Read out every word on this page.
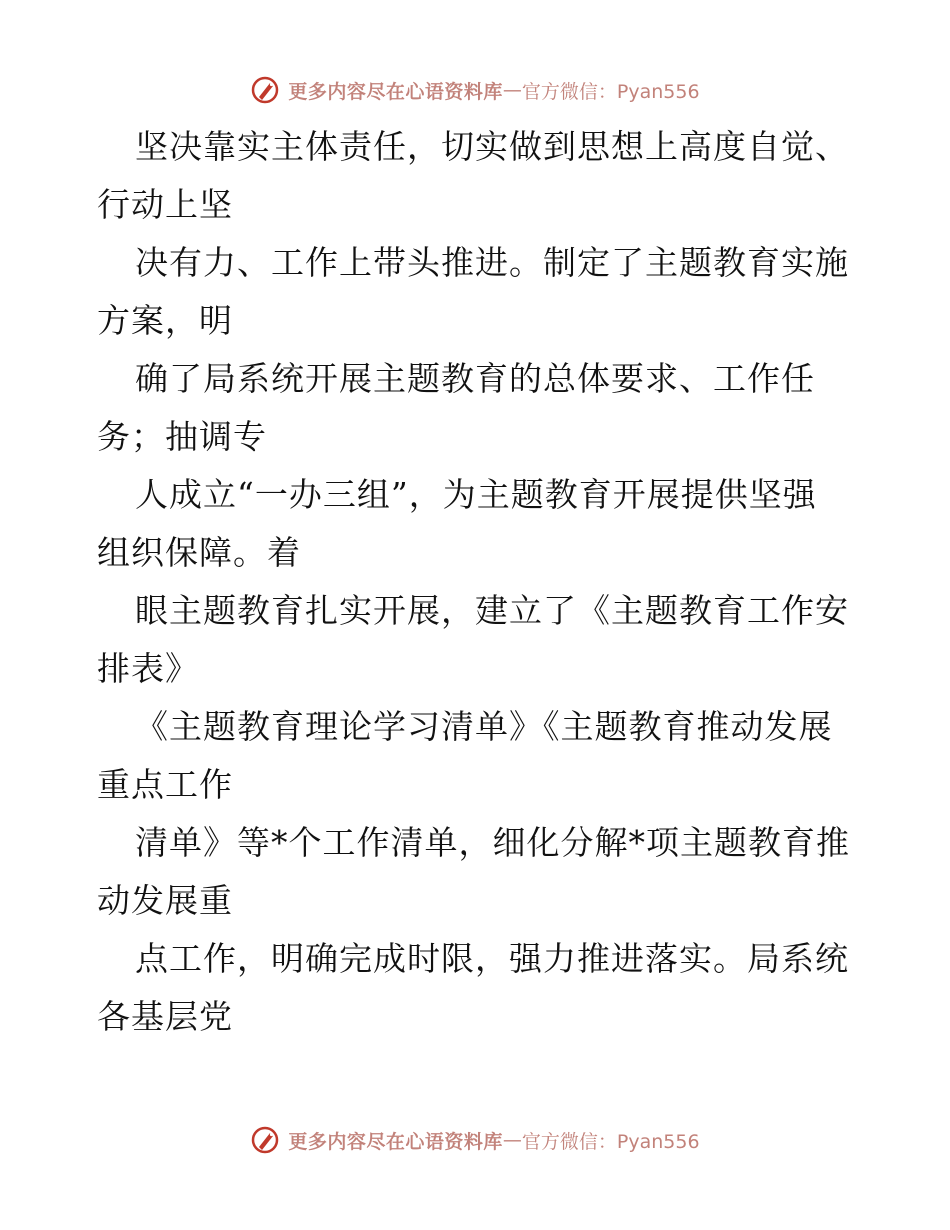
更多内容尽在心语资料库 — 官方微信：Pyan556
坚决靠实主体责任，切实做到思想上高度自觉、
行动上坚
决有力、工作上带头推进。制定了主题教育实施
方案，明
确了局系统开展主题教育的总体要求、工作任
务；抽调专
人成立“一办三组”，为主题教育开展提供坚强
组织保障。着
眼主题教育扎实开展，建立了《主题教育工作安
排表》
《主题教育理论学习清单》《主题教育推动发展
重点工作
清单》等*个工作清单，细化分解*项主题教育推
动发展重
点工作，明确完成时限，强力推进落实。局系统
各基层党
更多内容尽在心语资料库 — 官方微信：Pyan556
